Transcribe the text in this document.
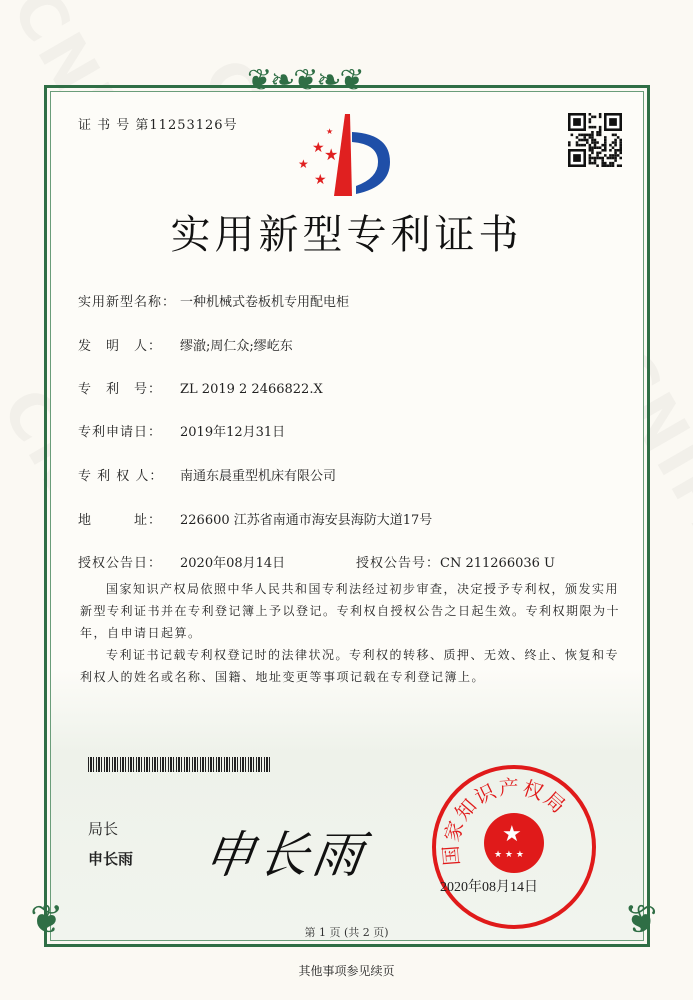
❦❧❦❧❦
❦	❦
证 书 号 第11253126号	★
★ ★
★
★
实用新型专利证书
实用新型名称： 一种机械式卷板机专用配电柜
发　明　人： 缪澈;周仁众;缪屹东
专　利　号： ZL 2019 2 2466822.X
专利申请日： 2019年12月31日
专 利 权 人： 南通东晨重型机床有限公司
地　　　址： 226600 江苏省南通市海安县海防大道17号
授权公告日： 2020年08月14日	授权公告号：CN 211266036 U
国家知识产权局依照中华人民共和国专利法经过初步审查，决定授予专利权，颁发实用新型专利证书并在专利登记簿上予以登记。专利权自授权公告之日起生效。专利权期限为十年，自申请日起算。
专利证书记载专利权登记时的法律状况。专利权的转移、质押、无效、终止、恢复和专利权人的姓名或名称、国籍、地址变更等事项记载在专利登记簿上。
局长
申长雨 申长雨	国家知识产权局
★
★ ★ ★
2020年08月14日
第 1 页 (共 2 页)
其他事项参见续页
